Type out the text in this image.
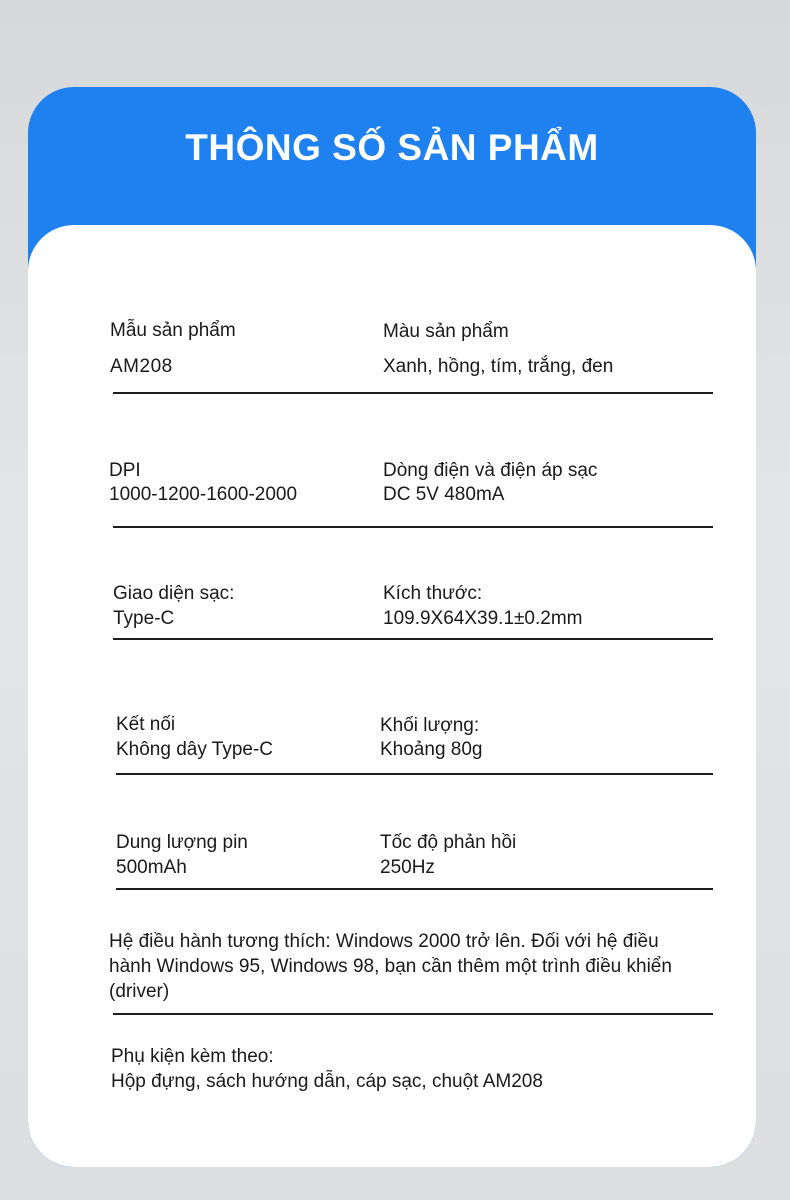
THÔNG SỐ SẢN PHẨM
Mẫu sản phẩm
AM208
Màu sản phẩm
Xanh, hồng, tím, trắng, đen
DPI
1000-1200-1600-2000
Dòng điện và điện áp sạc
DC 5V 480mA
Giao diện sạc:
Type-C
Kích thước:
109.9X64X39.1±0.2mm
Kết nối
Không dây Type-C
Khối lượng:
Khoảng 80g
Dung lượng pin
500mAh
Tốc độ phản hồi
250Hz
Hệ điều hành tương thích: Windows 2000 trở lên. Đối với hệ điều
hành Windows 95, Windows 98, bạn cần thêm một trình điều khiển
(driver)
Phụ kiện kèm theo:
Hộp đựng, sách hướng dẫn, cáp sạc, chuột AM208
